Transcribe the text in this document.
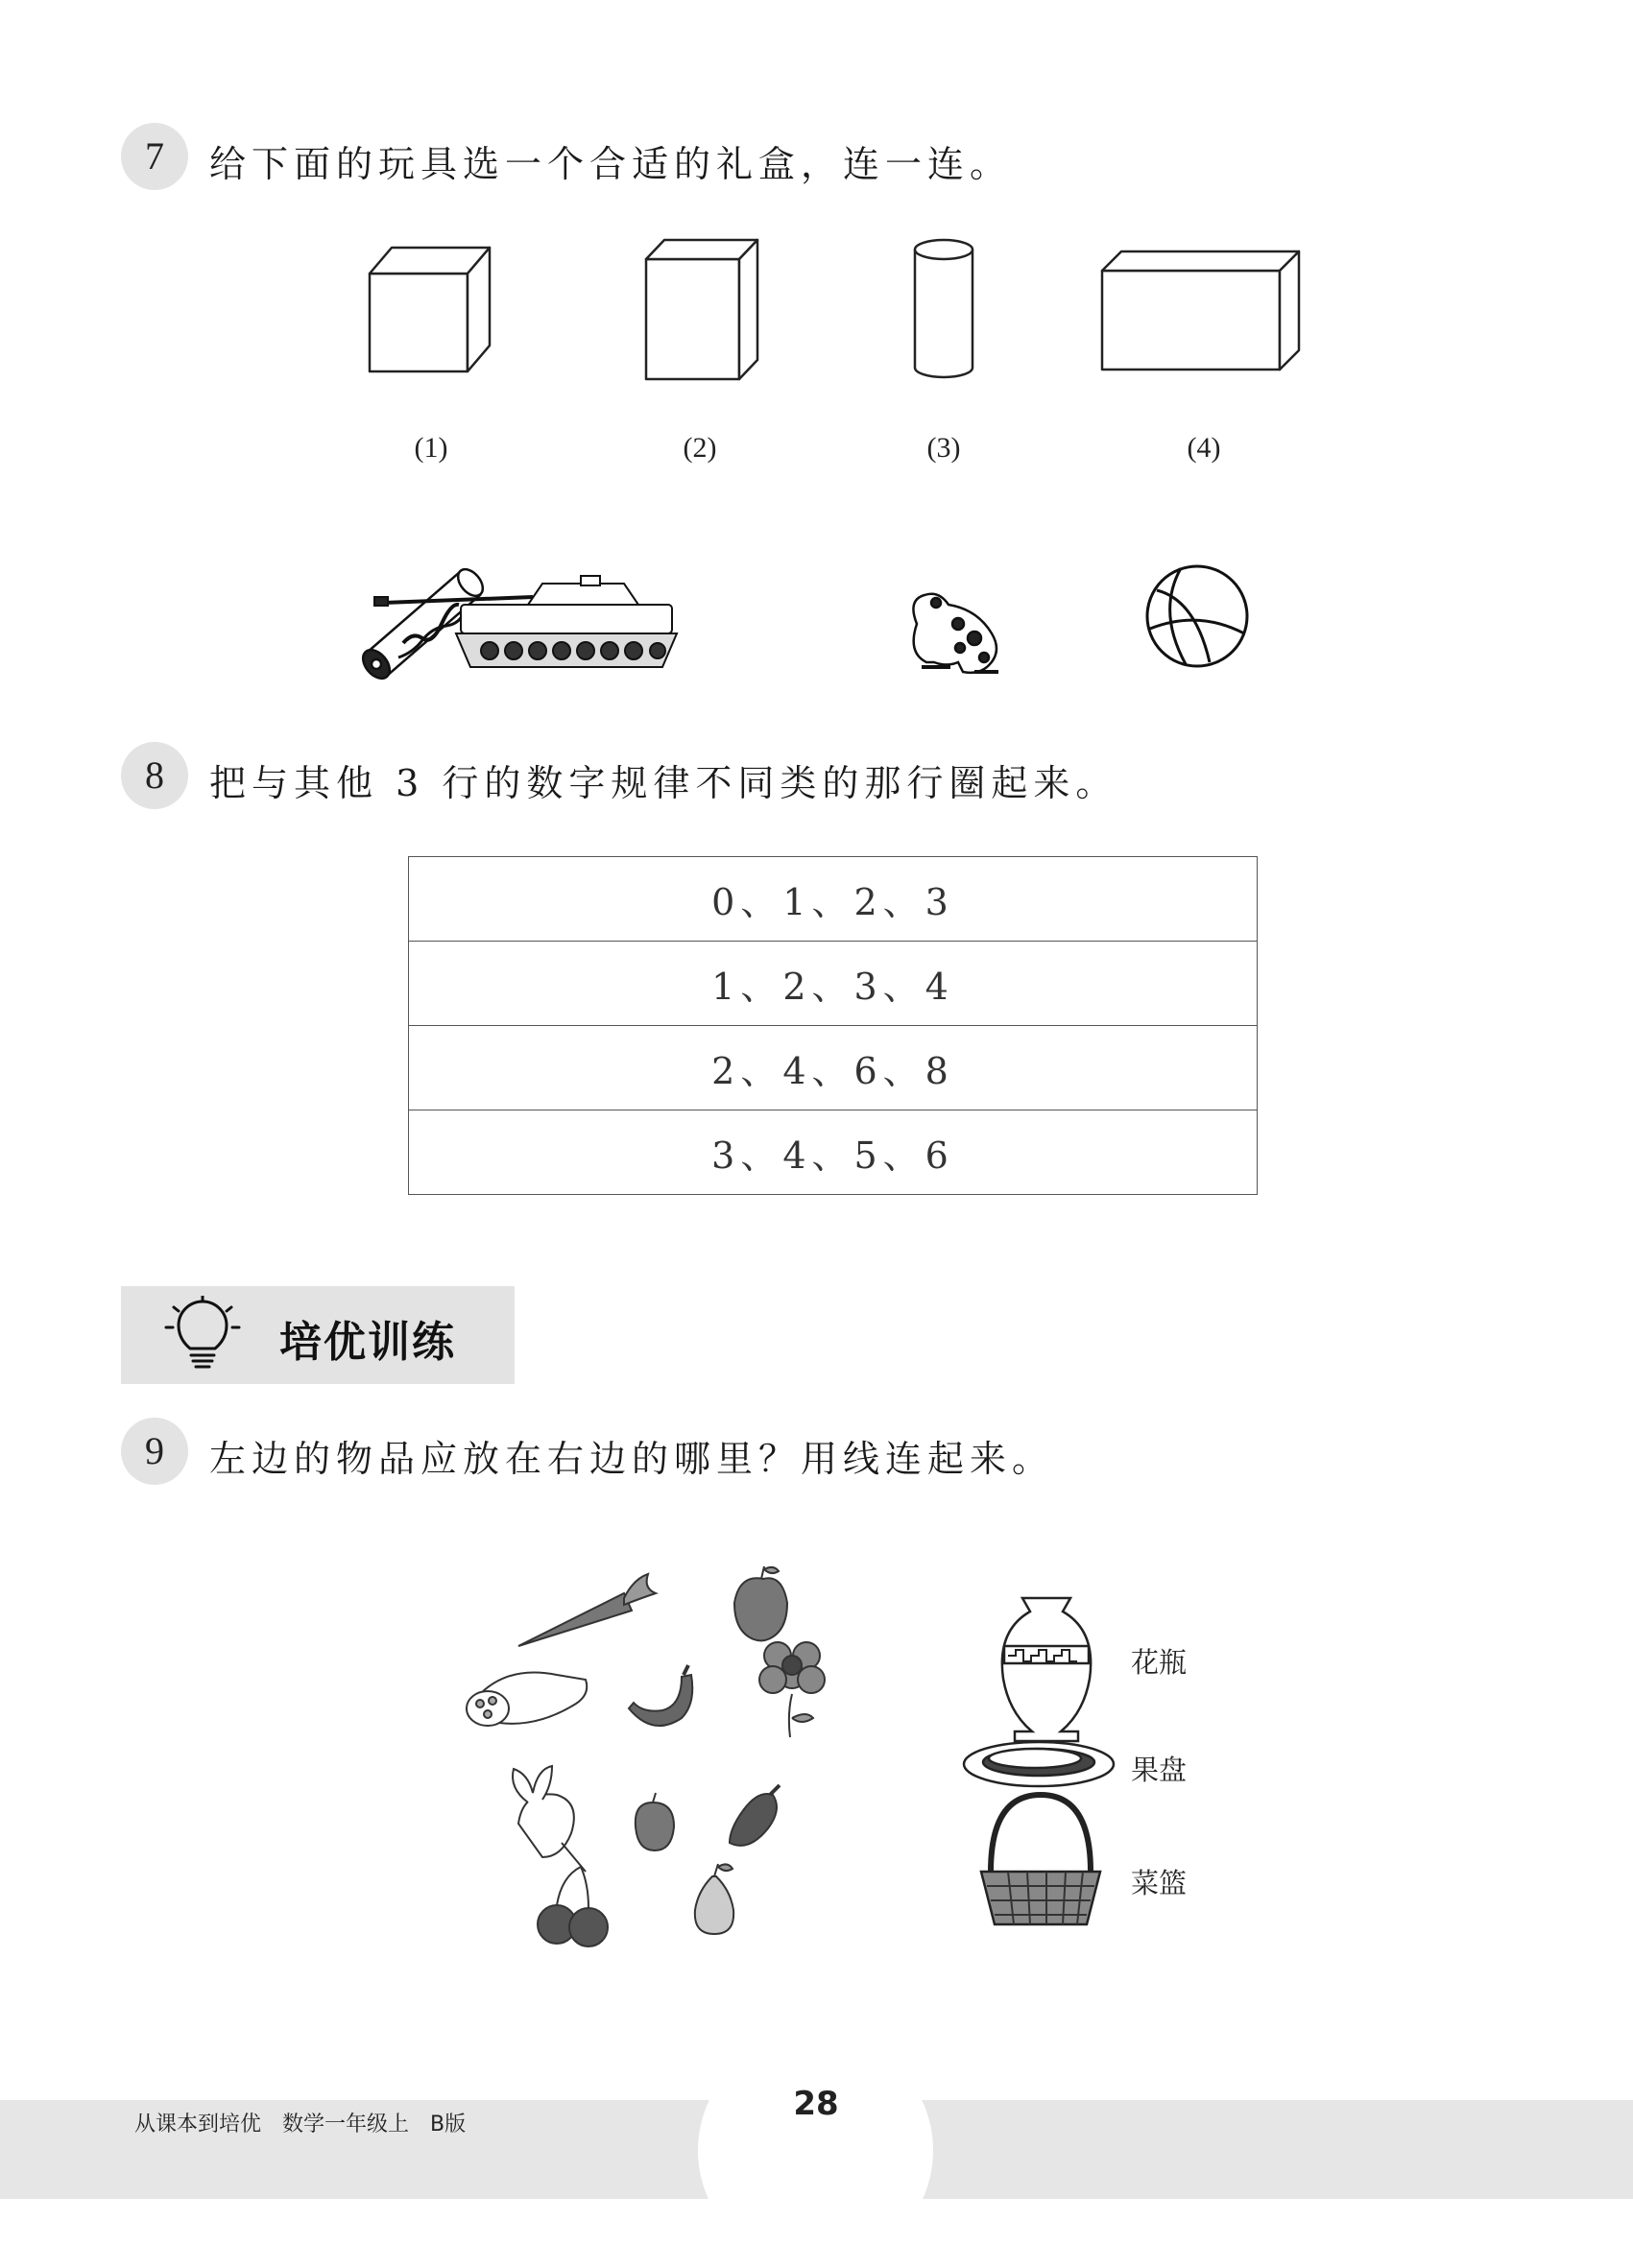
7	给下面的玩具选一个合适的礼盒，连一连。
(1)	(2)	(3)	(4)
8	把与其他 3 行的数字规律不同类的那行圈起来。
0、1、2、3
1、2、3、4
2、4、6、8
3、4、5、6
培优训练
9	左边的物品应放在右边的哪里？用线连起来。
花瓶
果盘
菜篮
从课本到培优　数学一年级上　B版
28
